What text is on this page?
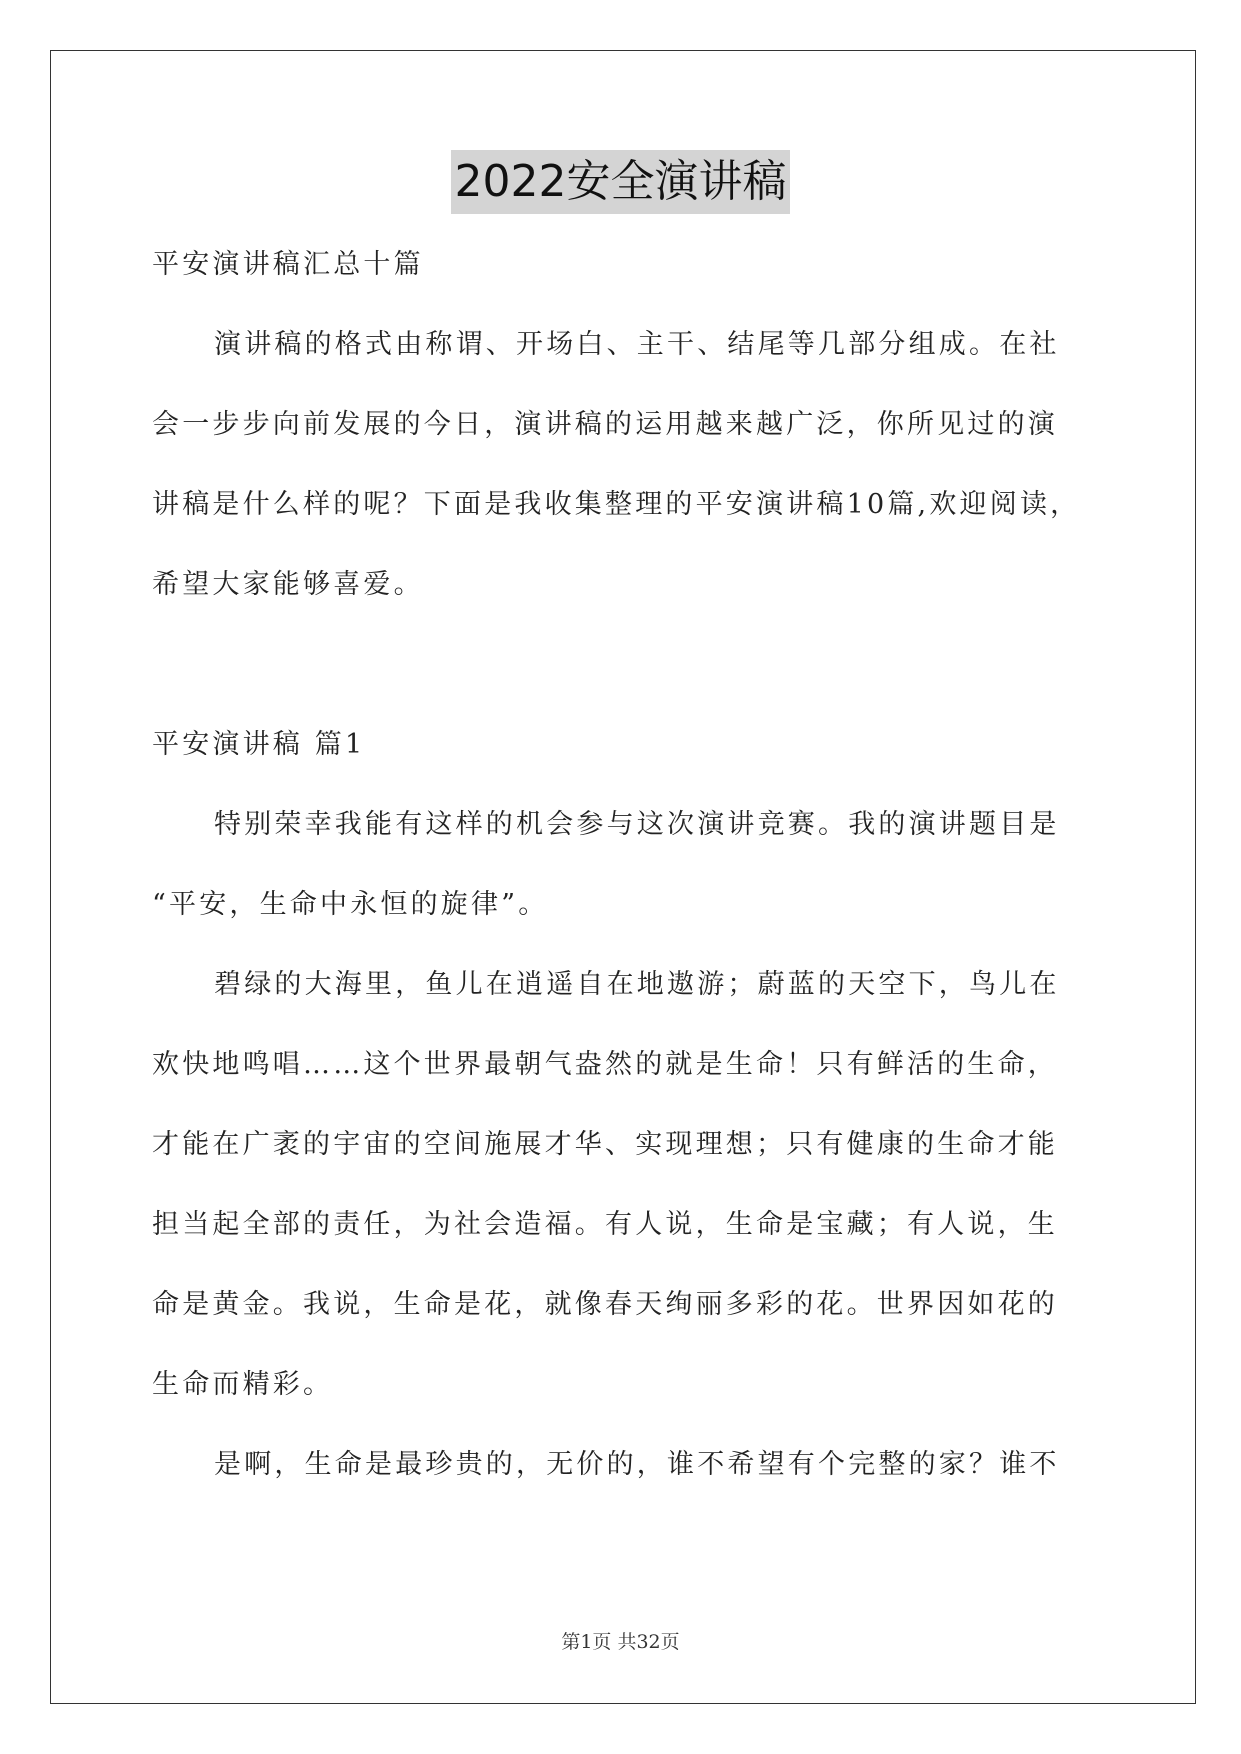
2022安全演讲稿
平安演讲稿汇总十篇
演讲稿的格式由称谓、开场白、主干、结尾等几部分组成。在社
会一步步向前发展的今日，演讲稿的运用越来越广泛，你所见过的演
讲稿是什么样的呢？下面是我收集整理的平安演讲稿10篇,欢迎阅读，
希望大家能够喜爱。
平安演讲稿 篇1
特别荣幸我能有这样的机会参与这次演讲竞赛。我的演讲题目是
“平安，生命中永恒的旋律”。
碧绿的大海里，鱼儿在逍遥自在地遨游；蔚蓝的天空下，鸟儿在
欢快地鸣唱……这个世界最朝气盎然的就是生命！只有鲜活的生命，
才能在广袤的宇宙的空间施展才华、实现理想；只有健康的生命才能
担当起全部的责任，为社会造福。有人说，生命是宝藏；有人说，生
命是黄金。我说，生命是花，就像春天绚丽多彩的花。世界因如花的
生命而精彩。
是啊，生命是最珍贵的，无价的，谁不希望有个完整的家？谁不
第1页 共32页
